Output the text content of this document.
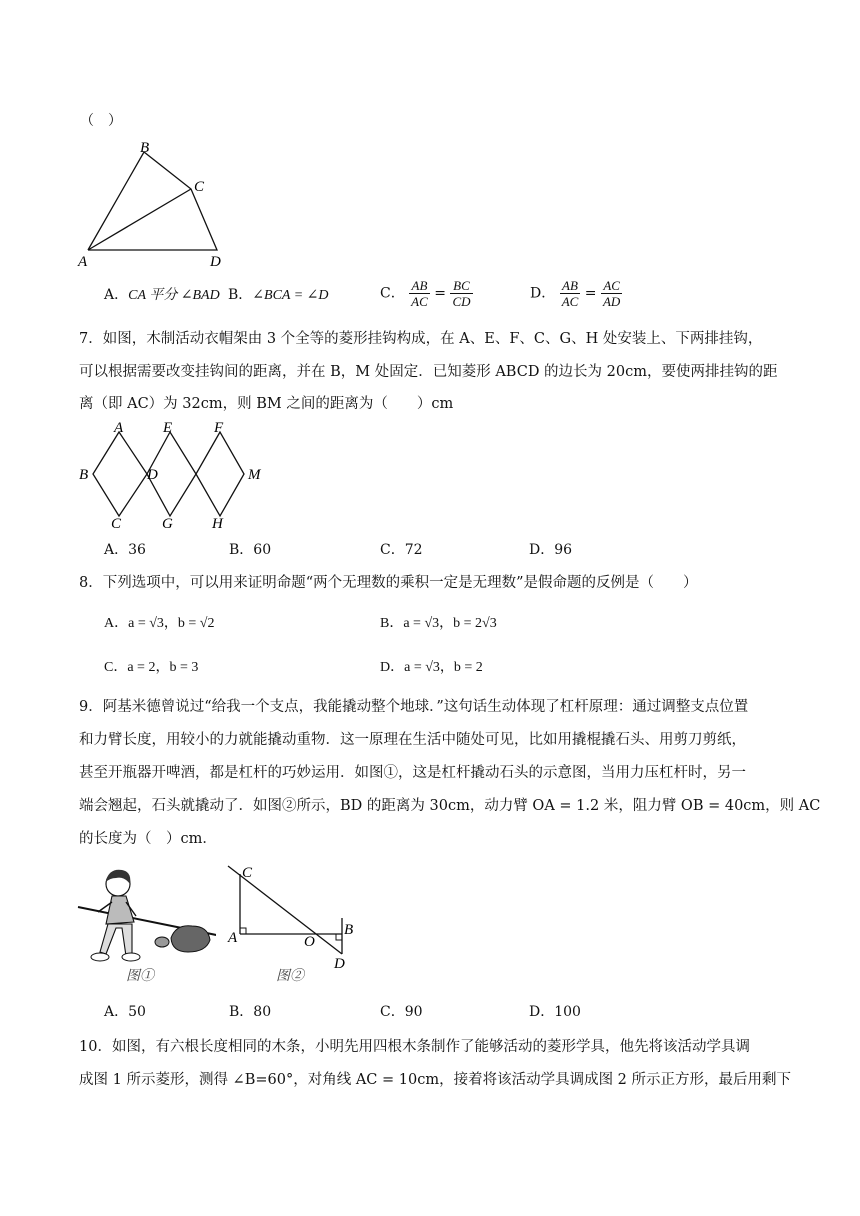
（　）
B
C
A	D
A．CA 平分 ∠BAD B．∠BCA = ∠D	C． $\frac{AB}{AC} = \frac{BC}{CD}$	D． $\frac{AB}{AC} = \frac{AC}{AD}$
7．如图，木制活动衣帽架由 3 个全等的菱形挂钩构成，在 A、E、F、C、G、H 处安装上、下两排挂钩，
可以根据需要改变挂钩间的距离，并在 B，M 处固定．已知菱形 ABCD 的边长为 20cm，要使两排挂钩的距
离（即 AC）为 32cm，则 BM 之间的距离为（　　）cm
A	E	F
B	D	M
C	G	H
A．36	B．60	C．72	D．96
8．下列选项中，可以用来证明命题“两个无理数的乘积一定是无理数”是假命题的反例是（　　）
A．a = √3，b = √2	B．a = √3，b = 2√3
C．a = 2，b = 3	D．a = √3，b = 2
9．阿基米德曾说过“给我一个支点，我能撬动整个地球．”这句话生动体现了杠杆原理：通过调整支点位置
和力臂长度，用较小的力就能撬动重物．这一原理在生活中随处可见，比如用撬棍撬石头、用剪刀剪纸，
甚至开瓶器开啤酒，都是杠杆的巧妙运用．如图①，这是杠杆撬动石头的示意图，当用力压杠杆时，另一
端会翘起，石头就撬动了．如图②所示，BD 的距离为 30cm，动力臂 OA = 1.2 米，阻力臂 OB = 40cm，则 AC
的长度为（　）cm．
图①
C
A	O
B
D
图②
A．50	B．80	C．90	D．100
10．如图，有六根长度相同的木条，小明先用四根木条制作了能够活动的菱形学具，他先将该活动学具调
成图 1 所示菱形，测得 ∠B=60°，对角线 AC = 10cm，接着将该活动学具调成图 2 所示正方形，最后用剩下
